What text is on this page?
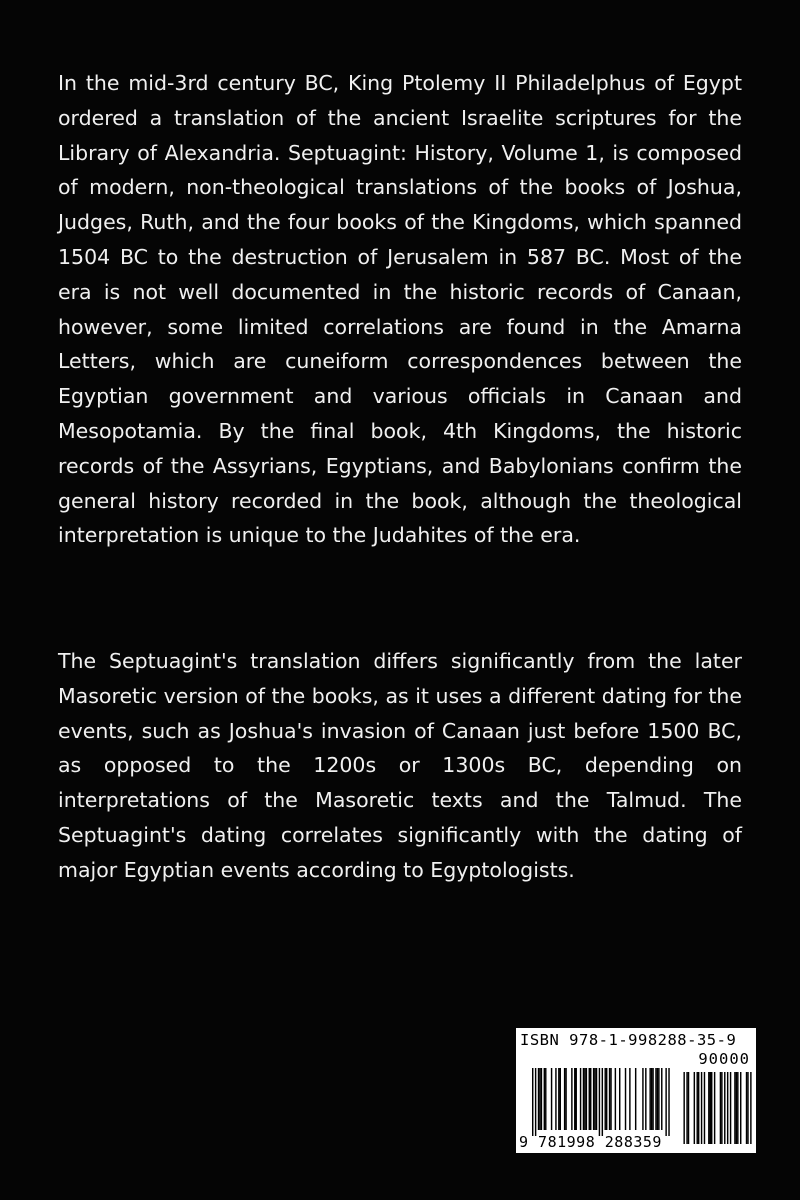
In the mid-3rd century BC, King Ptolemy II Philadelphus of Egypt ordered a translation of the ancient Israelite scriptures for the Library of Alexandria. Septuagint: History, Volume 1, is composed of modern, non-theological translations of the books of Joshua, Judges, Ruth, and the four books of the Kingdoms, which spanned 1504 BC to the destruction of Jerusalem in 587 BC. Most of the era is not well documented in the historic records of Canaan, however, some limited correlations are found in the Amarna Letters, which are cuneiform correspondences between the Egyptian government and various officials in Canaan and Mesopotamia. By the final book, 4th Kingdoms, the historic records of the Assyrians, Egyptians, and Babylonians confirm the general history recorded in the book, although the theological interpretation is unique to the Judahites of the era.
The Septuagint's translation differs significantly from the later Masoretic version of the books, as it uses a different dating for the events, such as Joshua's invasion of Canaan just before 1500 BC, as opposed to the 1200s or 1300s BC, depending on interpretations of the Masoretic texts and the Talmud. The Septuagint's dating correlates significantly with the dating of major Egyptian events according to Egyptologists.
ISBN 978-1-998288-35-9
90000
9 781998 288359
